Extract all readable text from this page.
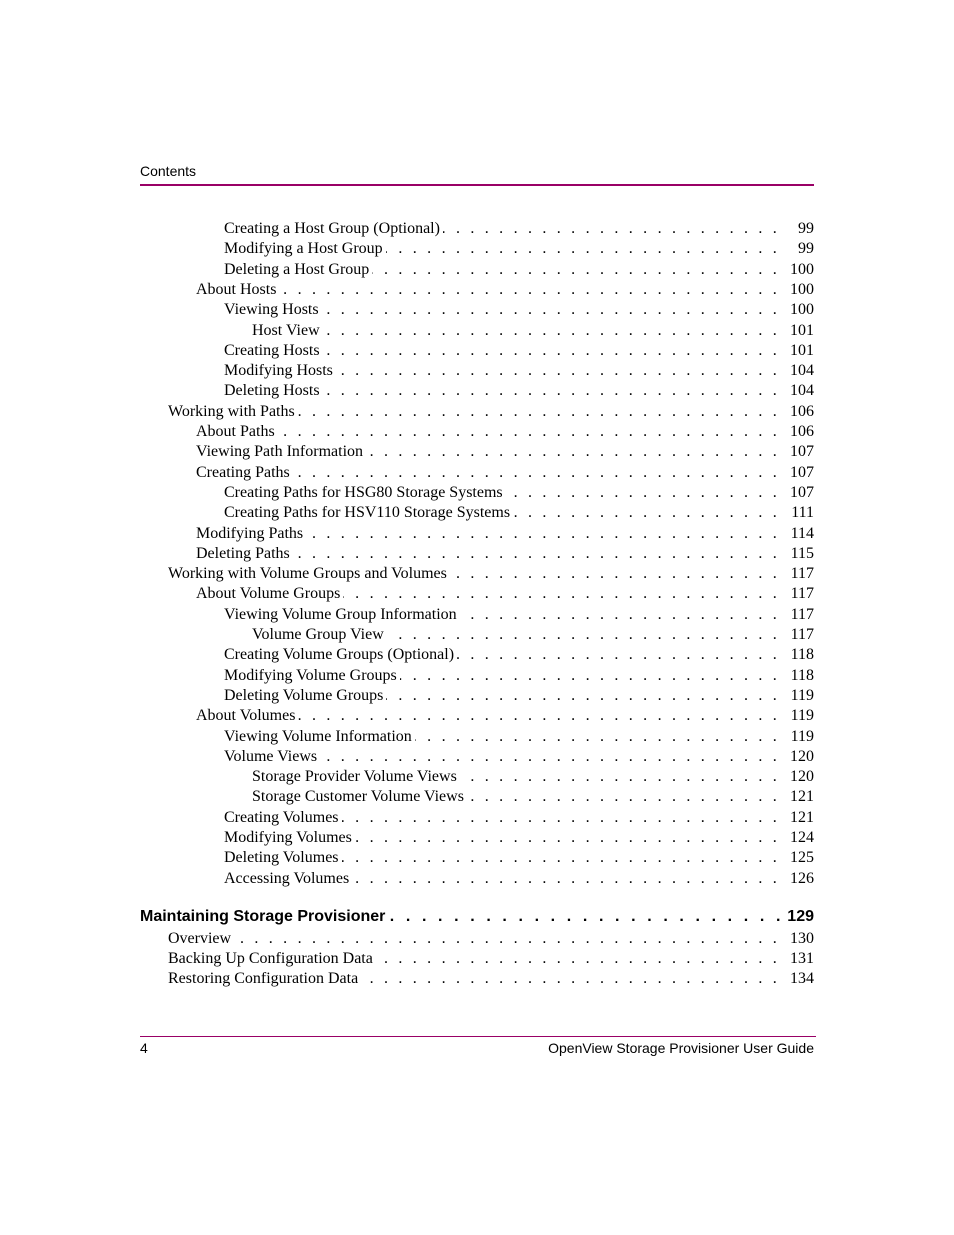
Contents
Creating a Host Group (Optional) . . .	99
Modifying a Host Group . . .	99
Deleting a Host Group . . .	100
About Hosts . . .	100
Viewing Hosts . . .	100
Host View . . .	101
Creating Hosts . . .	101
Modifying Hosts . . .	104
Deleting Hosts . . .	104
Working with Paths . . .	106
About Paths . . .	106
Viewing Path Information . . .	107
Creating Paths . . .	107
Creating Paths for HSG80 Storage Systems . . .	107
Creating Paths for HSV110 Storage Systems . . .	111
Modifying Paths . . .	114
Deleting Paths . . .	115
Working with Volume Groups and Volumes . . .	117
About Volume Groups . . .	117
Viewing Volume Group Information . . .	117
Volume Group View . . .	117
Creating Volume Groups (Optional) . . .	118
Modifying Volume Groups . . .	118
Deleting Volume Groups . . .	119
About Volumes . . .	119
Viewing Volume Information . . .	119
Volume Views . . .	120
Storage Provider Volume Views . . .	120
Storage Customer Volume Views . . .	121
Creating Volumes . . .	121
Modifying Volumes . . .	124
Deleting Volumes . . .	125
Accessing Volumes . . .	126
Maintaining Storage Provisioner . . .	129
Overview . . .	130
Backing Up Configuration Data . . .	131
Restoring Configuration Data . . .	134
4	OpenView Storage Provisioner User Guide
